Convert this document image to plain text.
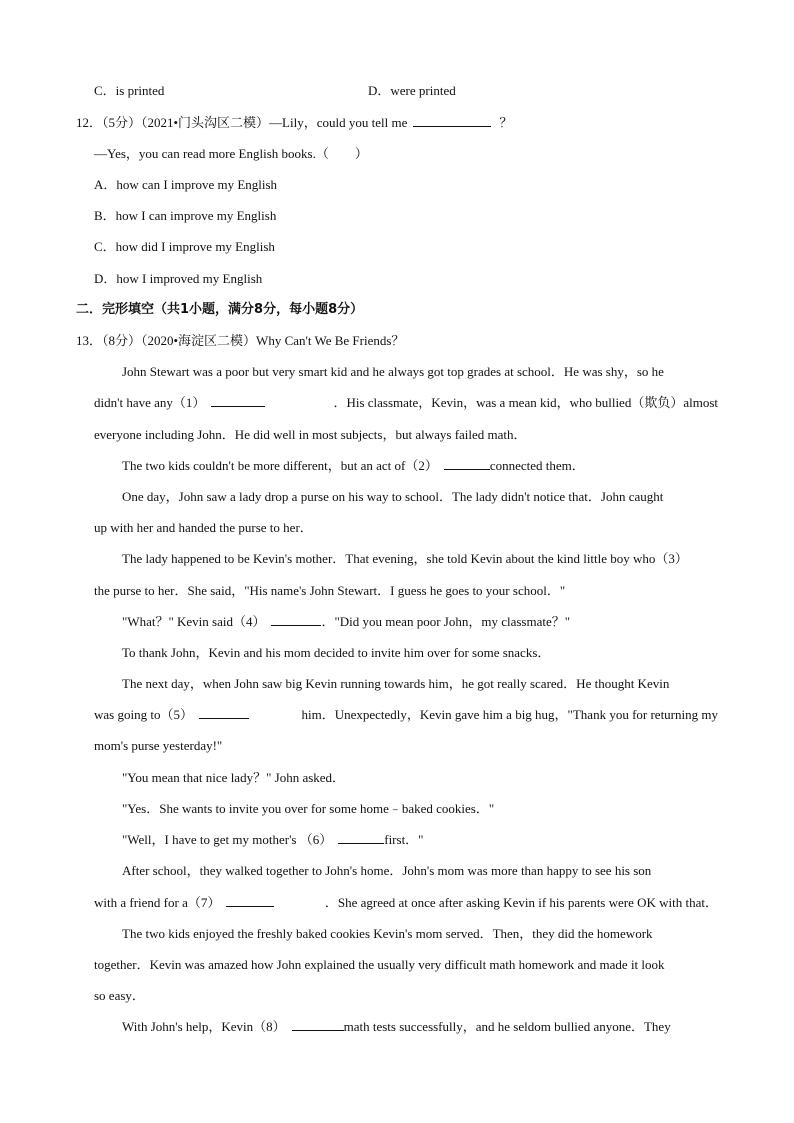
C．is printed	D．were printed
12．（5分）（2021•门头沟区二模）—Lily，could you tell me	？
—Yes，you can read more English books.（　　）
A．how can I improve my English
B．how I can improve my English
C．how did I improve my English
D．how I improved my English
二．完形填空（共1小题，满分8分，每小题8分）
13．（8分）（2020•海淀区二模）Why Can't We Be Friends？
John Stewart was a poor but very smart kid and he always got top grades at school．He was shy，so he
didn't have any（1）	．His classmate，Kevin，was a mean kid，who bullied（欺负）almost
everyone including John．He did well in most subjects，but always failed math．
The two kids couldn't be more different，but an act of（2）	connected them．
One day，John saw a lady drop a purse on his way to school．The lady didn't notice that．John caught
up with her and handed the purse to her．
The lady happened to be Kevin's mother．That evening，she told Kevin about the kind little boy who（3）
the purse to her．She said，"His name's John Stewart．I guess he goes to your school．"
"What？" Kevin said（4）	．"Did you mean poor John，my classmate？"
To thank John，Kevin and his mom decided to invite him over for some snacks．
The next day，when John saw big Kevin running towards him，he got really scared．He thought Kevin
was going to（5）	him．Unexpectedly，Kevin gave him a big hug，"Thank you for returning my
mom's purse yesterday!"
"You mean that nice lady？" John asked．
"Yes．She wants to invite you over for some home﹣baked cookies．"
"Well，I have to get my mother's （6）	first．"
After school，they walked together to John's home．John's mom was more than happy to see his son
with a friend for a（7）	．She agreed at once after asking Kevin if his parents were OK with that．
The two kids enjoyed the freshly baked cookies Kevin's mom served．Then，they did the homework
together．Kevin was amazed how John explained the usually very difficult math homework and made it look
so easy．
With John's help，Kevin（8）	math tests successfully，and he seldom bullied anyone．They
